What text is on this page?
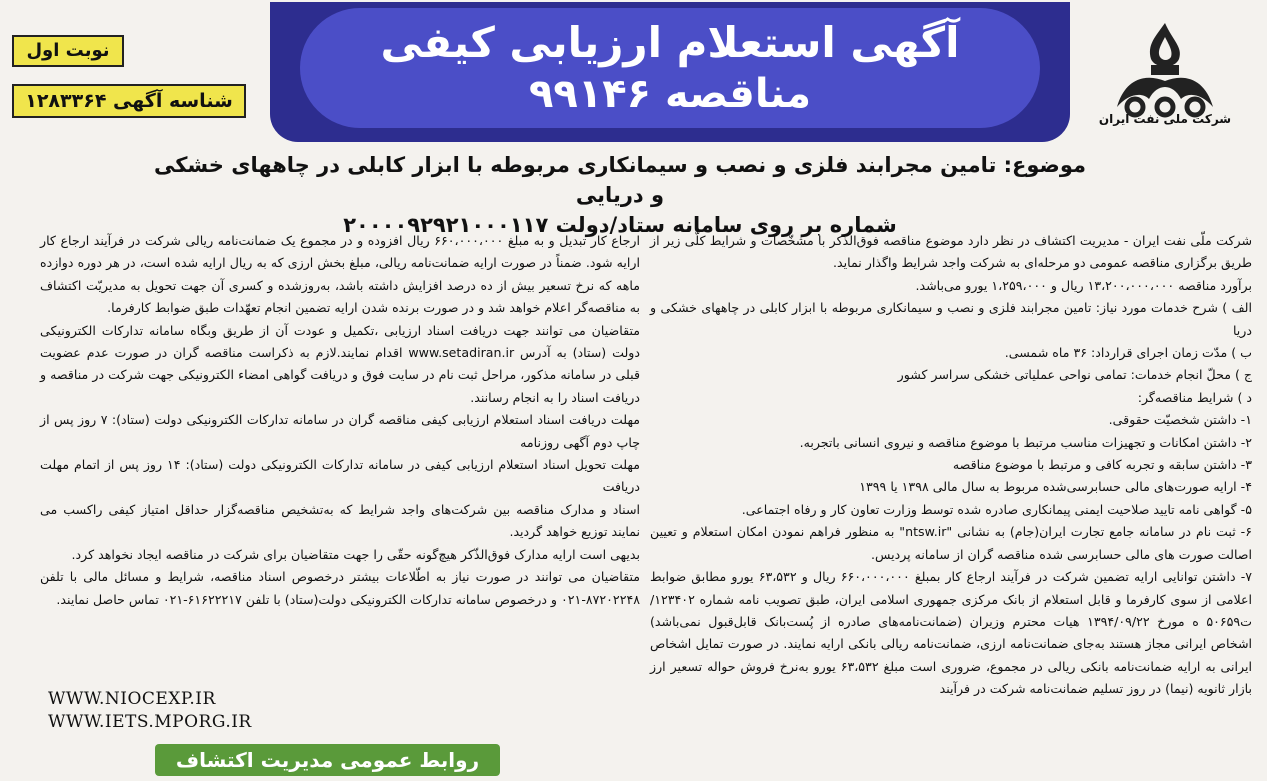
آگهی استعلام ارزیابی کیفی
مناقصه ۹۹۱۴۶
شرکت ملی نفت ایران
نوبت اول
شناسه آگهی ۱۲۸۳۳۶۴
موضوع: تامین مجرابند فلزی و نصب و سیمانکاری مربوطه با ابزار کابلی در چاههای خشکی و دریایی
شماره بر روی سامانه ستاد/دولت ۲۰۰۰۰۹۲۹۲۱۰۰۰۱۱۷

شرکت ملّی نفت ایران - مدیریت اکتشاف در نظر دارد موضوع مناقصه فوق‌الذّکر با مشخّصات و شرایط کلّی زیر از طریق برگزاری مناقصه عمومی دو مرحله‌ای به شرکت واجد شرایط واگذار نماید.

برآورد مناقصه ۱۳،۲۰۰،۰۰۰،۰۰۰ ریال و ۱،۲۵۹،۰۰۰ یورو می‌باشد.

الف ) شرح خدمات مورد نیاز: تامین مجرابند فلزی و نصب و سیمانکاری مربوطه با ابزار کابلی در چاههای خشکی و دریا

ب ) مدّت زمان اجرای قرارداد: ۳۶ ماه شمسی.

ج ) محلّ انجام خدمات: تمامی نواحی عملیاتی خشکی سراسر کشور

د ) شرایط مناقصه‌گر:

۱- داشتن شخصیّت حقوقی.

۲- داشتن امکانات و تجهیزات مناسب مرتبط با موضوع مناقصه و نیروی انسانی باتجربه.

۳- داشتن سابقه و تجربه کافی و مرتبط با موضوع مناقصه

۴- ارایه صورت‌های مالی حسابرسی‌شده مربوط به سال مالی ۱۳۹۸ یا ۱۳۹۹

۵- گواهی نامه تایید صلاحیت ایمنی پیمانکاری صادره شده توسط وزارت تعاون کار و رفاه اجتماعی.

۶- ثبت نام در سامانه جامع تجارت ایران(جام) به نشانی "ntsw.ir" به منظور فراهم نمودن امکان استعلام و تعیین اصالت صورت های مالی حسابرسی شده مناقصه گران از سامانه پردیس.

۷- داشتن توانایی ارایه تضمین شرکت در فرآیند ارجاع کار بمبلغ ۶۶۰،۰۰۰،۰۰۰ ریال و ۶۳،۵۳۲ یورو مطابق ضوابط اعلامی از سوی کارفرما و قابل استعلام از بانک مرکزی جمهوری اسلامی ایران، طبق تصویب نامه شماره ۱۲۳۴۰۲/ت۵۰۶۵۹ ه مورخ ۱۳۹۴/۰۹/۲۲ هیات محترم وزیران (ضمانت‌نامه‌های صادره از پُست‌بانک قابل‌قبول نمی‌باشد) اشخاص ایرانی مجاز هستند به‌جای ضمانت‌نامه ارزی، ضمانت‌نامه ریالی بانکی ارایه نمایند. در صورت تمایل اشخاص ایرانی به ارایه ضمانت‌نامه بانکی ریالی در مجموع، ضروری است مبلغ ۶۳،۵۳۲ یورو به‌نرخ فروش حواله تسعیر ارز بازار ثانویه (نیما) در روز تسلیم ضمانت‌نامه شرکت در فرآیند

ارجاع کار تبدیل و به مبلغ ۶۶۰،۰۰۰،۰۰۰ ریال افزوده و در مجموع یک ضمانت‌نامه ریالی شرکت در فرآیند ارجاع کار ارایه شود. ضمناً در صورت ارایه ضمانت‌نامه ریالی، مبلغ بخش ارزی که به ریال ارایه شده است، در هر دوره دوازده ماهه که نرخ تسعیر بیش از ده درصد افزایش داشته باشد، به‌روزشده و کسری آن جهت تحویل به مدیریّت اکتشاف به مناقصه‌گر اعلام خواهد شد و در صورت برنده شدن ارایه تضمین انجام تعهّدات طبق ضوابط کارفرما.

متقاضیان می توانند جهت دریافت اسناد ارزیابی ،تکمیل و عودت آن از طریق وبگاه سامانه تدارکات الکترونیکی دولت (ستاد) به آدرس www.setadiran.ir اقدام نمایند.لازم به ذکراست مناقصه گران در صورت عدم عضویت قبلی در سامانه مذکور، مراحل ثبت نام در سایت فوق و دریافت گواهی امضاء الکترونیکی جهت شرکت در مناقصه و دریافت اسناد را به انجام رسانند.

مهلت دریافت اسناد استعلام ارزیابی کیفی مناقصه گران در سامانه تدارکات الکترونیکی دولت (ستاد): ۷ روز پس از چاپ دوم آگهی روزنامه

مهلت تحویل اسناد استعلام ارزیابی کیفی در سامانه تدارکات الکترونیکی دولت (ستاد): ۱۴ روز پس از اتمام مهلت دریافت

اسناد و مدارک مناقصه بین شرکت‌های واجد شرایط که به‌تشخیص مناقصه‌گزار حداقل امتیاز کیفی راکسب می نمایند توزیع خواهد گردید.

بدیهی است ارایه مدارک فوق‌الذّکر هیچ‌گونه حقّی را جهت متقاضیان برای شرکت در مناقصه ایجاد نخواهد کرد.

متقاضیان می توانند در صورت نیاز به اطّلاعات بیشتر درخصوص اسناد مناقصه، شرایط و مسائل مالی با تلفن ۸۷۲۰۲۲۴۸-۰۲۱ و درخصوص سامانه تدارکات الکترونیکی دولت(ستاد) با تلفن ۶۱۶۲۲۲۱۷-۰۲۱ تماس حاصل نمایند.

WWW.NIOCEXP.IR
WWW.IETS.MPORG.IR
روابط عمومی مدیریت اکتشاف
